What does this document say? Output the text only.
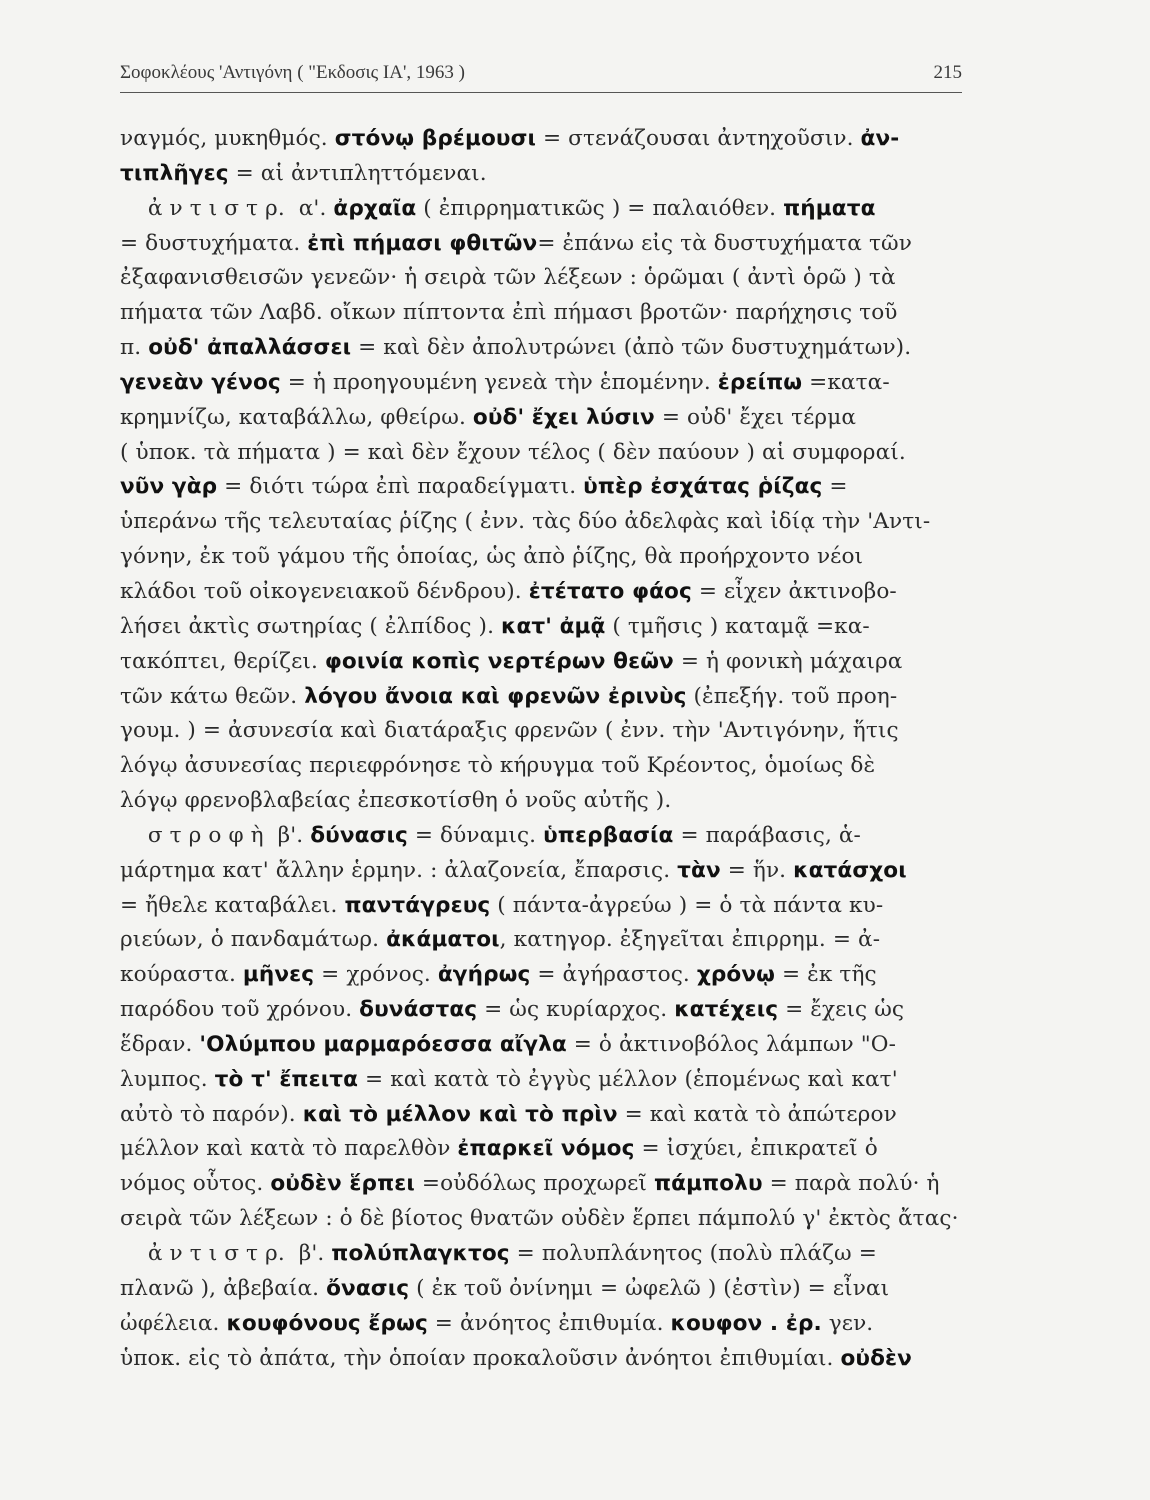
Σοφοκλέους 'Αντιγόνη ( "Εκδοσις ΙΑ', 1963 )	215
ναγμός, μυκηθμός. στόνῳ βρέμουσι = στενάζουσαι ἀντηχοῦσιν. ἀν-
τιπλῆγες = αἱ ἀντιπληττόμεναι.
ἀ ν τ ι σ τ ρ.  α'. ἀρχαῖα ( ἐπιρρηματικῶς ) = παλαιόθεν. πήματα
= δυστυχήματα. ἐπὶ πήμασι φθιτῶν= ἐπάνω εἰς τὰ δυστυχήματα τῶν
ἐξαφανισθεισῶν γενεῶν· ἡ σειρὰ τῶν λέξεων : ὁρῶμαι ( ἀντὶ ὁρῶ ) τὰ
πήματα τῶν Λαβδ. οἴκων πίπτοντα ἐπὶ πήμασι βροτῶν· παρήχησις τοῦ
π. οὐδ' ἀπαλλάσσει = καὶ δὲν ἀπολυτρώνει (ἀπὸ τῶν δυστυχημάτων).
γενεὰν γένος = ἡ προηγουμένη γενεὰ τὴν ἑπομένην. ἐρείπω =κατα-
κρημνίζω, καταβάλλω, φθείρω. οὐδ' ἔχει λύσιν = οὐδ' ἔχει τέρμα
( ὑποκ. τὰ πήματα ) = καὶ δὲν ἔχουν τέλος ( δὲν παύουν ) αἱ συμφοραί.
νῦν γὰρ = διότι τώρα ἐπὶ παραδείγματι. ὑπὲρ ἐσχάτας ῥίζας =
ὑπεράνω τῆς τελευταίας ῥίζης ( ἐνν. τὰς δύο ἀδελφὰς καὶ ἰδίᾳ τὴν 'Αντι-
γόνην, ἐκ τοῦ γάμου τῆς ὁποίας, ὡς ἀπὸ ῥίζης, θὰ προήρχοντο νέοι
κλάδοι τοῦ οἰκογενειακοῦ δένδρου). ἐτέτατο φάος = εἶχεν ἀκτινοβο-
λήσει ἀκτὶς σωτηρίας ( ἐλπίδος ). κατ' ἀμᾷ ( τμῆσις ) καταμᾷ =κα-
τακόπτει, θερίζει. φοινία κοπὶς νερτέρων θεῶν = ἡ φονικὴ μάχαιρα
τῶν κάτω θεῶν. λόγου ἄνοια καὶ φρενῶν ἐρινὺς (ἐπεξήγ. τοῦ προη-
γουμ. ) = ἀσυνεσία καὶ διατάραξις φρενῶν ( ἐνν. τὴν 'Αντιγόνην, ἥτις
λόγῳ ἀσυνεσίας περιεφρόνησε τὸ κήρυγμα τοῦ Κρέοντος, ὁμοίως δὲ
λόγῳ φρενοβλαβείας ἐπεσκοτίσθη ὁ νοῦς αὐτῆς ).
σ τ ρ ο φ ὴ  β'. δύνασις = δύναμις. ὑπερβασία = παράβασις, ἁ-
μάρτημα κατ' ἄλλην ἑρμην. : ἀλαζονεία, ἔπαρσις. τὰν = ἥν. κατάσχοι
= ἤθελε καταβάλει. παντάγρευς ( πάντα-ἀγρεύω ) = ὁ τὰ πάντα κυ-
ριεύων, ὁ πανδαμάτωρ. ἀκάματοι, κατηγορ. ἐξηγεῖται ἐπιρρημ. = ἀ-
κούραστα. μῆνες = χρόνος. ἀγήρως = ἀγήραστος. χρόνῳ = ἐκ τῆς
παρόδου τοῦ χρόνου. δυνάστας = ὡς κυρίαρχος. κατέχεις = ἔχεις ὡς
ἕδραν. 'Ολύμπου μαρμαρόεσσα αἴγλα = ὁ ἀκτινοβόλος λάμπων "Ο-
λυμπος. τὸ τ' ἔπειτα = καὶ κατὰ τὸ ἐγγὺς μέλλον (ἑπομένως καὶ κατ'
αὐτὸ τὸ παρόν). καὶ τὸ μέλλον καὶ τὸ πρὶν = καὶ κατὰ τὸ ἀπώτερον
μέλλον καὶ κατὰ τὸ παρελθὸν ἐπαρκεῖ νόμος = ἰσχύει, ἐπικρατεῖ ὁ
νόμος οὗτος. οὐδὲν ἕρπει =οὐδόλως προχωρεῖ πάμπολυ = παρὰ πολύ· ἡ
σειρὰ τῶν λέξεων : ὁ δὲ βίοτος θνατῶν οὐδὲν ἕρπει πάμπολύ γ' ἐκτὸς ἄτας·
ἀ ν τ ι σ τ ρ.  β'. πολύπλαγκτος = πολυπλάνητος (πολὺ πλάζω =
πλανῶ ), ἀβεβαία. ὄνασις ( ἐκ τοῦ ὀνίνημι = ὠφελῶ ) (ἐστὶν) = εἶναι
ὠφέλεια. κουφόνους ἔρως = ἀνόητος ἐπιθυμία. κουφον . ἐρ. γεν.
ὑποκ. εἰς τὸ ἀπάτα, τὴν ὁποίαν προκαλοῦσιν ἀνόητοι ἐπιθυμίαι. οὐδὲν
